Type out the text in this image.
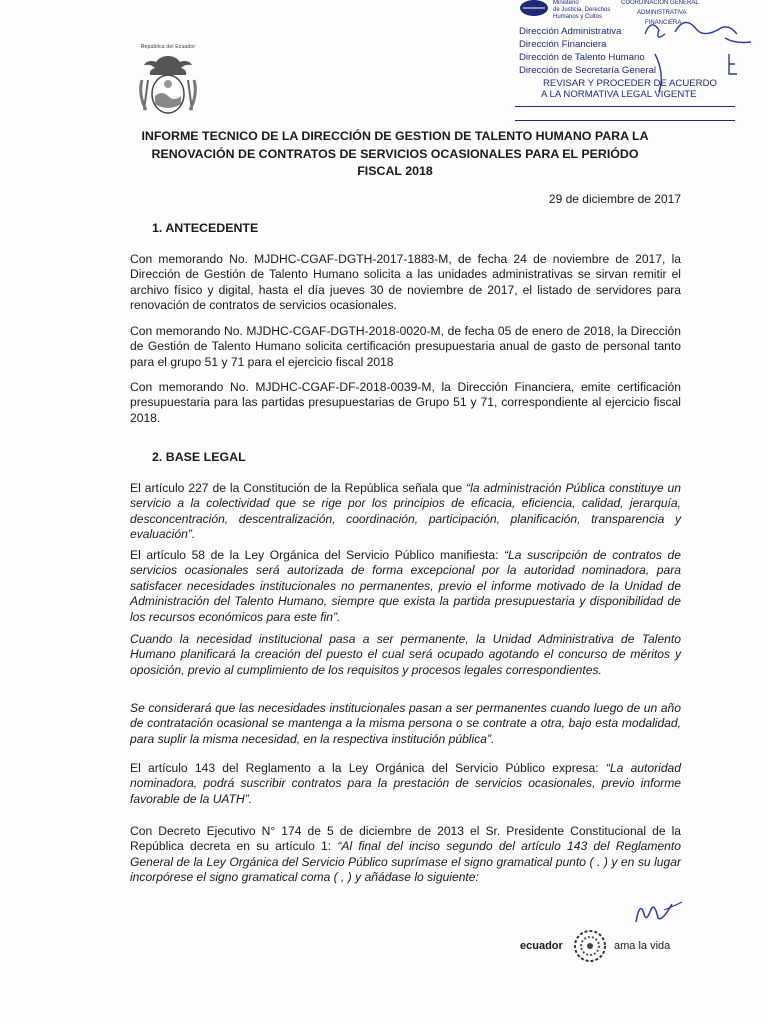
República del Ecuador
Ministerio
de Justicia, Derechos
Humanos y Cultos
COORDINACIÓN GENERAL
ADMINISTRATIVA
FINANCIERA
Dirección Administrativa
Dirección Financiera
Dirección de Talento Humano
Dirección de Secretaría General
REVISAR Y PROCEDER DE ACUERDO
A LA NORMATIVA LEGAL VIGENTE
INFORME TECNICO DE LA DIRECCIÓN DE GESTION DE TALENTO HUMANO PARA LA
RENOVACIÓN DE CONTRATOS DE SERVICIOS OCASIONALES PARA EL PERIÓDO
FISCAL 2018
29 de diciembre de 2017
1. ANTECEDENTE

Con memorando No. MJDHC-CGAF-DGTH-2017-1883-M, de fecha 24 de noviembre de 2017, la Dirección de Gestión de Talento Humano solicita a las unidades administrativas se sirvan remitir el archivo físico y digital, hasta el día jueves 30 de noviembre de 2017, el listado de servidores para renovación de contratos de servicios ocasionales.

Con memorando No. MJDHC-CGAF-DGTH-2018-0020-M, de fecha 05 de enero de 2018, la Dirección de Gestión de Talento Humano solicita certificación presupuestaria anual de gasto de personal tanto para el grupo 51 y 71 para el ejercicio fiscal 2018

Con memorando No. MJDHC-CGAF-DF-2018-0039-M, la Dirección Financiera, emite certificación presupuestaria para las partidas presupuestarias de Grupo 51 y 71, correspondiente al ejercicio fiscal 2018.

2. BASE LEGAL

El artículo 227 de la Constitución de la República señala que “la administración Pública constituye un servicio a la colectividad que se rige por los principios de eficacia, eficiencia, calidad, jerarquía, desconcentración, descentralización, coordinación, participación, planificación, transparencia y evaluación”.

El artículo 58 de la Ley Orgánica del Servicio Público manifiesta: “La suscripción de contratos de servicios ocasionales será autorizada de forma excepcional por la autoridad nominadora, para satisfacer necesidades institucionales no permanentes, previo el informe motivado de la Unidad de Administración del Talento Humano, siempre que exista la partida presupuestaria y disponibilidad de los recursos económicos para este fin”.

Cuando la necesidad institucional pasa a ser permanente, la Unidad Administrativa de Talento Humano planificará la creación del puesto el cual será ocupado agotando el concurso de méritos y oposición, previo al cumplimiento de los requisitos y procesos legales correspondientes.

Se considerará que las necesidades institucionales pasan a ser permanentes cuando luego de un año de contratación ocasional se mantenga a la misma persona o se contrate a otra, bajo esta modalidad, para suplir la misma necesidad, en la respectiva institución pública”.

El artículo 143 del Reglamento a la Ley Orgánica del Servicio Público expresa: “La autoridad nominadora, podrá suscribir contratos para la prestación de servicios ocasionales, previo informe favorable de la UATH”.

Con Decreto Ejecutivo N° 174 de 5 de diciembre de 2013 el Sr. Presidente Constitucional de la República decreta en su artículo 1: “Al final del inciso segundo del artículo 143 del Reglamento General de la Ley Orgánica del Servicio Público suprímase el signo gramatical punto ( . ) y en su lugar incorpórese el signo gramatical coma ( , ) y añádase lo siguiente:

ecuador	ama la vida
